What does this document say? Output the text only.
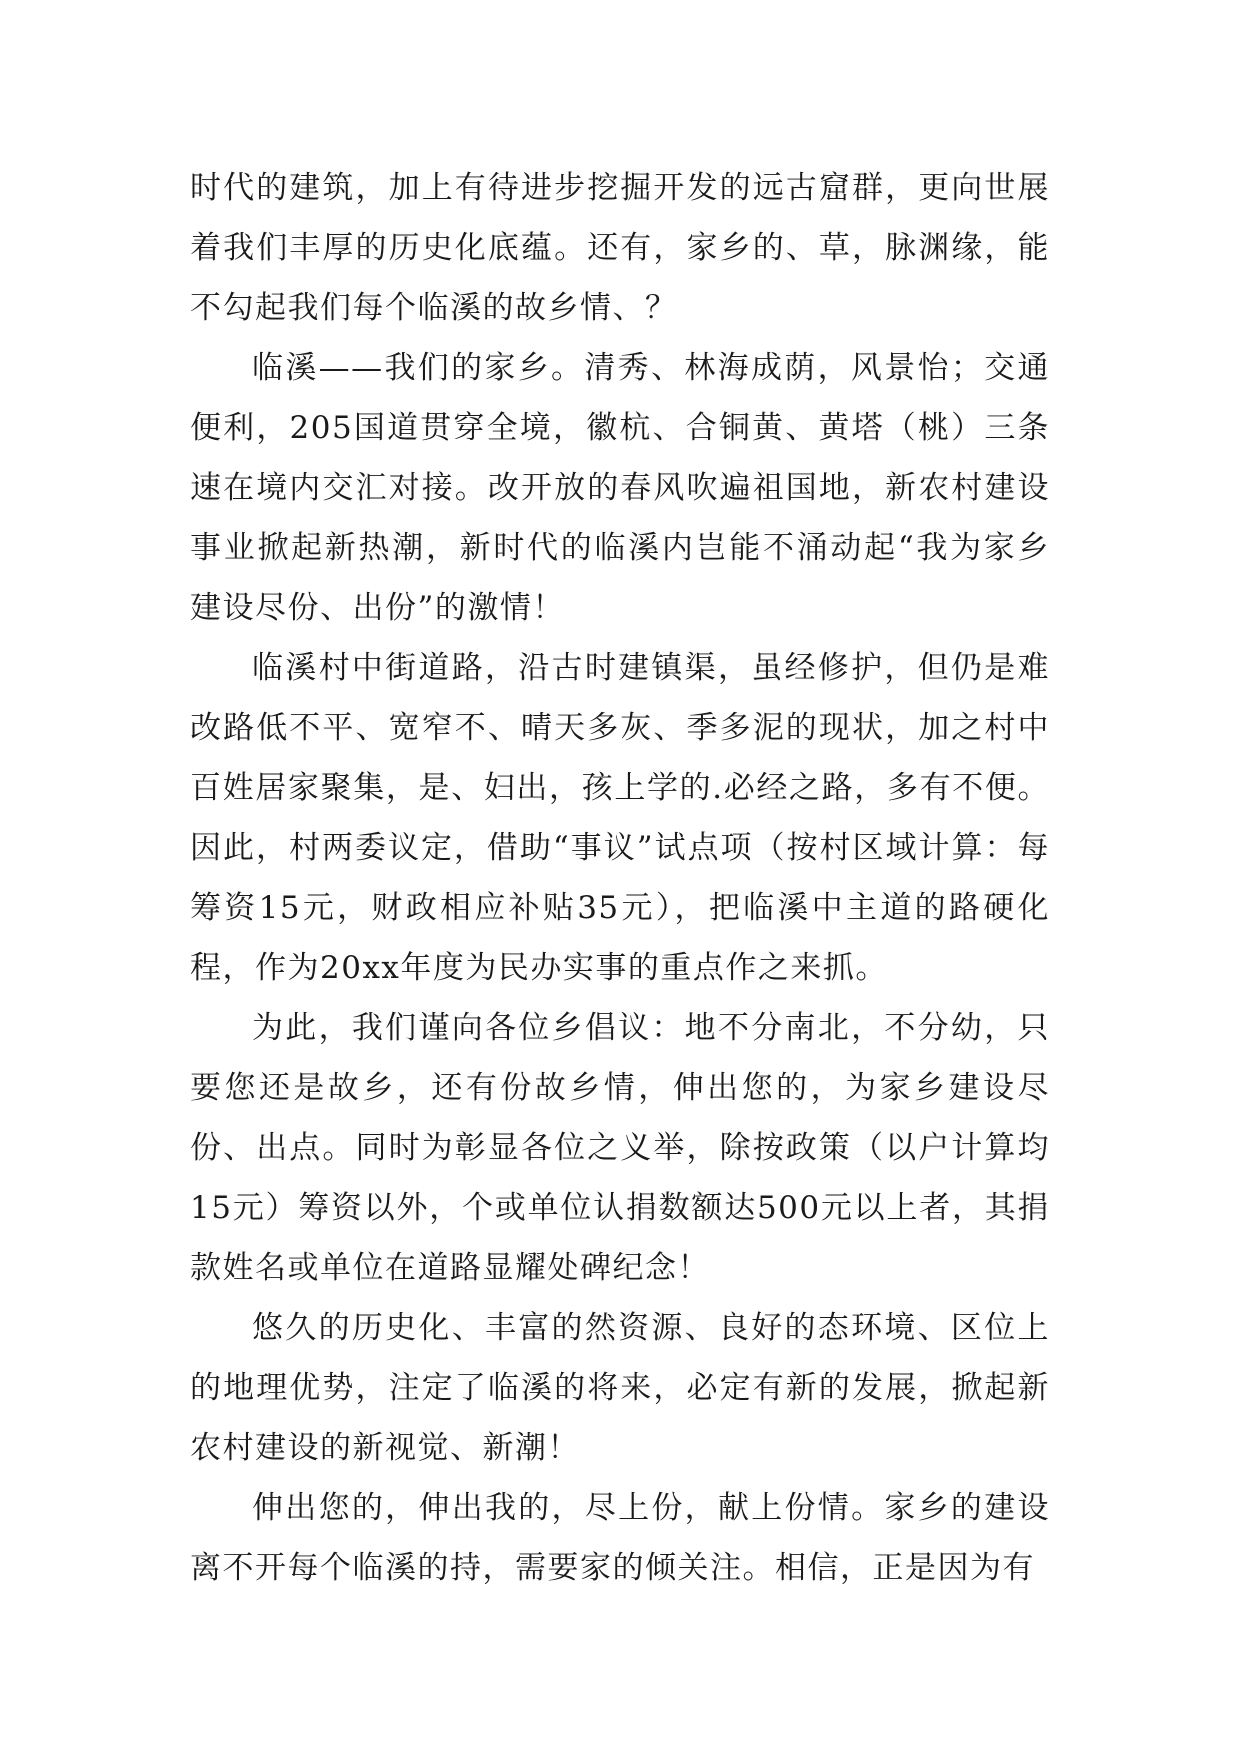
时代的建筑，加上有待进步挖掘开发的远古窟群，更向世展着我们丰厚的历史化底蕴。还有，家乡的、草，脉渊缘，能不勾起我们每个临溪的故乡情、？

临溪——我们的家乡。清秀、林海成荫，风景怡；交通便利，205国道贯穿全境，徽杭、合铜黄、黄塔（桃）三条速在境内交汇对接。改开放的春风吹遍祖国地，新农村建设事业掀起新热潮，新时代的临溪内岂能不涌动起“我为家乡建设尽份、出份”的激情！

临溪村中街道路，沿古时建镇渠，虽经修护，但仍是难改路低不平、宽窄不、晴天多灰、季多泥的现状，加之村中百姓居家聚集，是、妇出，孩上学的.必经之路，多有不便。因此，村两委议定，借助“事议”试点项（按村区域计算：每筹资15元，财政相应补贴35元），把临溪中主道的路硬化程，作为20xx年度为民办实事的重点作之来抓。

为此，我们谨向各位乡倡议：地不分南北，不分幼，只要您还是故乡，还有份故乡情，伸出您的，为家乡建设尽份、出点。同时为彰显各位之义举，除按政策（以户计算均15元）筹资以外，个或单位认捐数额达500元以上者，其捐款姓名或单位在道路显耀处碑纪念！

悠久的历史化、丰富的然资源、良好的态环境、区位上的地理优势，注定了临溪的将来，必定有新的发展，掀起新农村建设的新视觉、新潮！

伸出您的，伸出我的，尽上份，献上份情。家乡的建设离不开每个临溪的持，需要家的倾关注。相信，正是因为有
